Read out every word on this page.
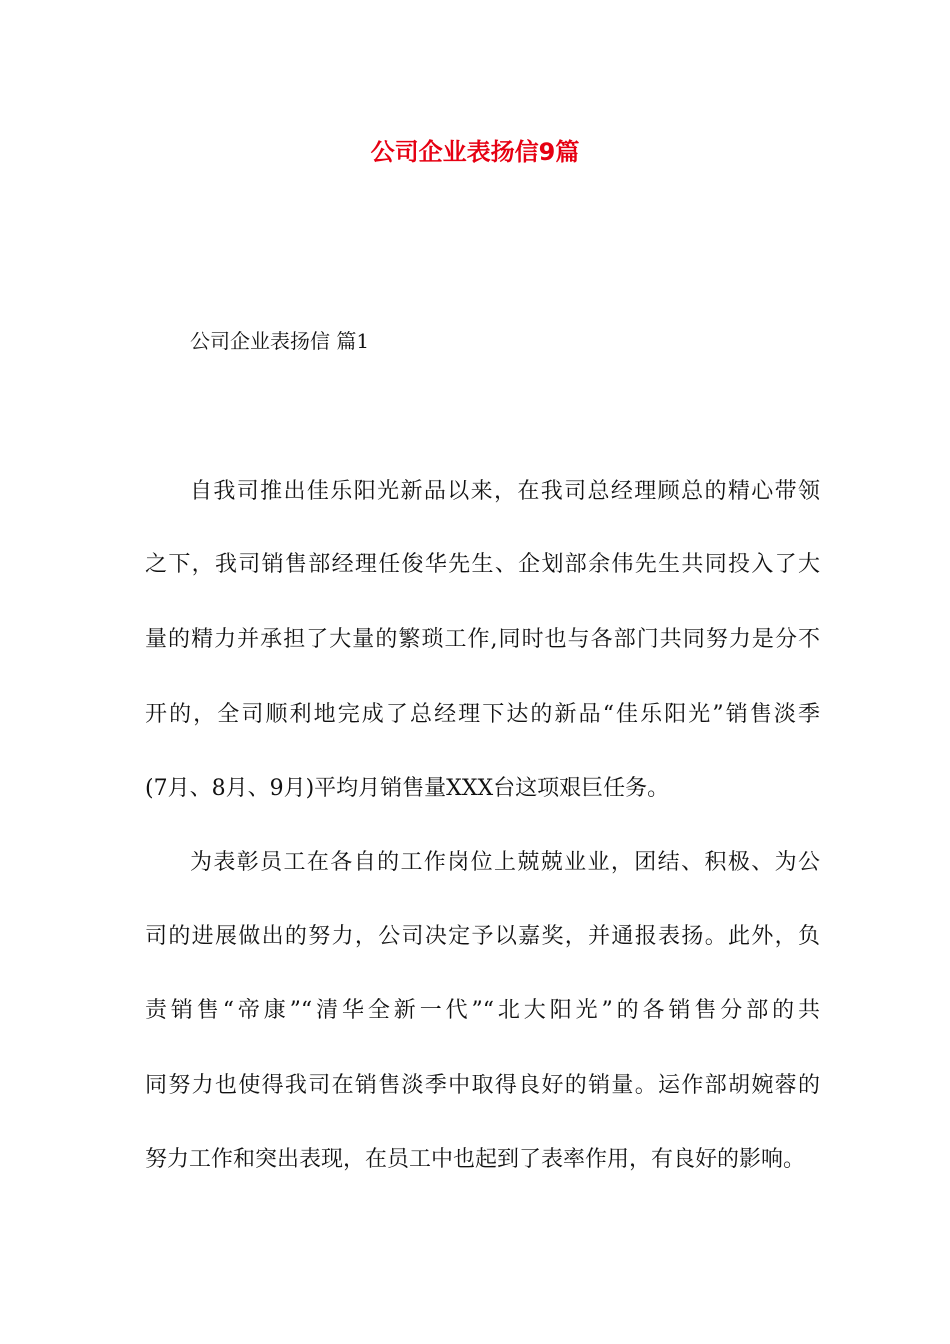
公司企业表扬信9篇

公司企业表扬信 篇1

自我司推出佳乐阳光新品以来，在我司总经理顾总的精心带领

之下，我司销售部经理任俊华先生、企划部余伟先生共同投入了大

量的精力并承担了大量的繁琐工作,同时也与各部门共同努力是分不

开的，全司顺利地完成了总经理下达的新品“佳乐阳光”销售淡季

(7月、8月、9月)平均月销售量XXX台这项艰巨任务。

为表彰员工在各自的工作岗位上兢兢业业，团结、积极、为公

司的进展做出的努力，公司决定予以嘉奖，并通报表扬。此外，负

责销售“帝康”“清华全新一代”“北大阳光”的各销售分部的共

同努力也使得我司在销售淡季中取得良好的销量。运作部胡婉蓉的

努力工作和突出表现，在员工中也起到了表率作用，有良好的影响。
